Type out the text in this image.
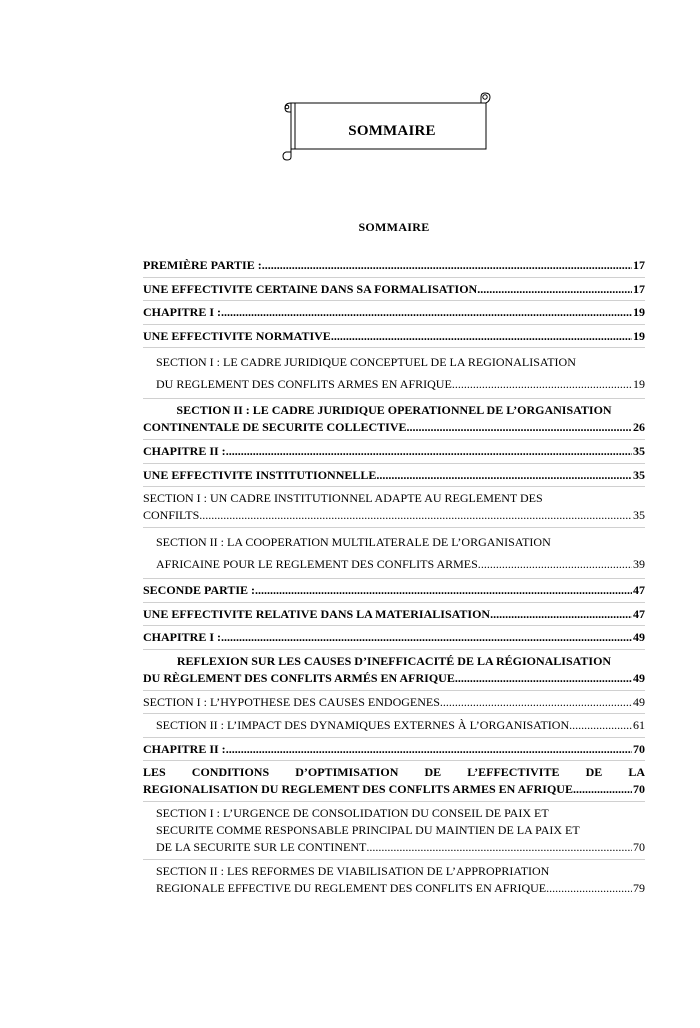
SOMMAIRE
SOMMAIRE
PREMIÈRE PARTIE : .....	17
UNE EFFECTIVITE CERTAINE DANS SA FORMALISATION .....	17
CHAPITRE I : .....	19
UNE EFFECTIVITE NORMATIVE .....	19
SECTION I : LE CADRE JURIDIQUE CONCEPTUEL DE LA REGIONALISATION
DU REGLEMENT DES CONFLITS ARMES EN AFRIQUE .....	19
SECTION II : LE CADRE JURIDIQUE OPERATIONNEL DE L’ORGANISATION
CONTINENTALE DE SECURITE COLLECTIVE .....	26
CHAPITRE II : .....	35
UNE EFFECTIVITE INSTITUTIONNELLE .....	35
SECTION I : UN CADRE INSTITUTIONNEL ADAPTE AU REGLEMENT DES
CONFILTS. .....	35
SECTION II : LA COOPERATION MULTILATERALE DE L’ORGANISATION
AFRICAINE POUR LE REGLEMENT DES CONFLITS ARMES. .....	39
SECONDE PARTIE : .....	47
UNE EFFECTIVITE RELATIVE DANS LA MATERIALISATION .....	47
CHAPITRE I : .....	49
REFLEXION SUR LES CAUSES D’INEFFICACITÉ DE LA RÉGIONALISATION
DU RÈGLEMENT DES CONFLITS ARMÉS EN AFRIQUE .....	49
SECTION I : L’HYPOTHESE DES CAUSES ENDOGENES. .....	49
SECTION II : L’IMPACT DES DYNAMIQUES EXTERNES À L’ORGANISATION .....	61
CHAPITRE II : .....	70
LES CONDITIONS D’OPTIMISATION DE L’EFFECTIVITE DE LA
REGIONALISATION DU REGLEMENT DES CONFLITS ARMES EN AFRIQUE .....	70
SECTION I : L’URGENCE DE CONSOLIDATION DU CONSEIL DE PAIX ET
SECURITE COMME RESPONSABLE PRINCIPAL DU MAINTIEN DE LA PAIX ET
DE LA SECURITE SUR LE CONTINENT .....	70
SECTION II : LES REFORMES DE VIABILISATION DE L’APPROPRIATION
REGIONALE EFFECTIVE DU REGLEMENT DES CONFLITS EN AFRIQUE .....	79
